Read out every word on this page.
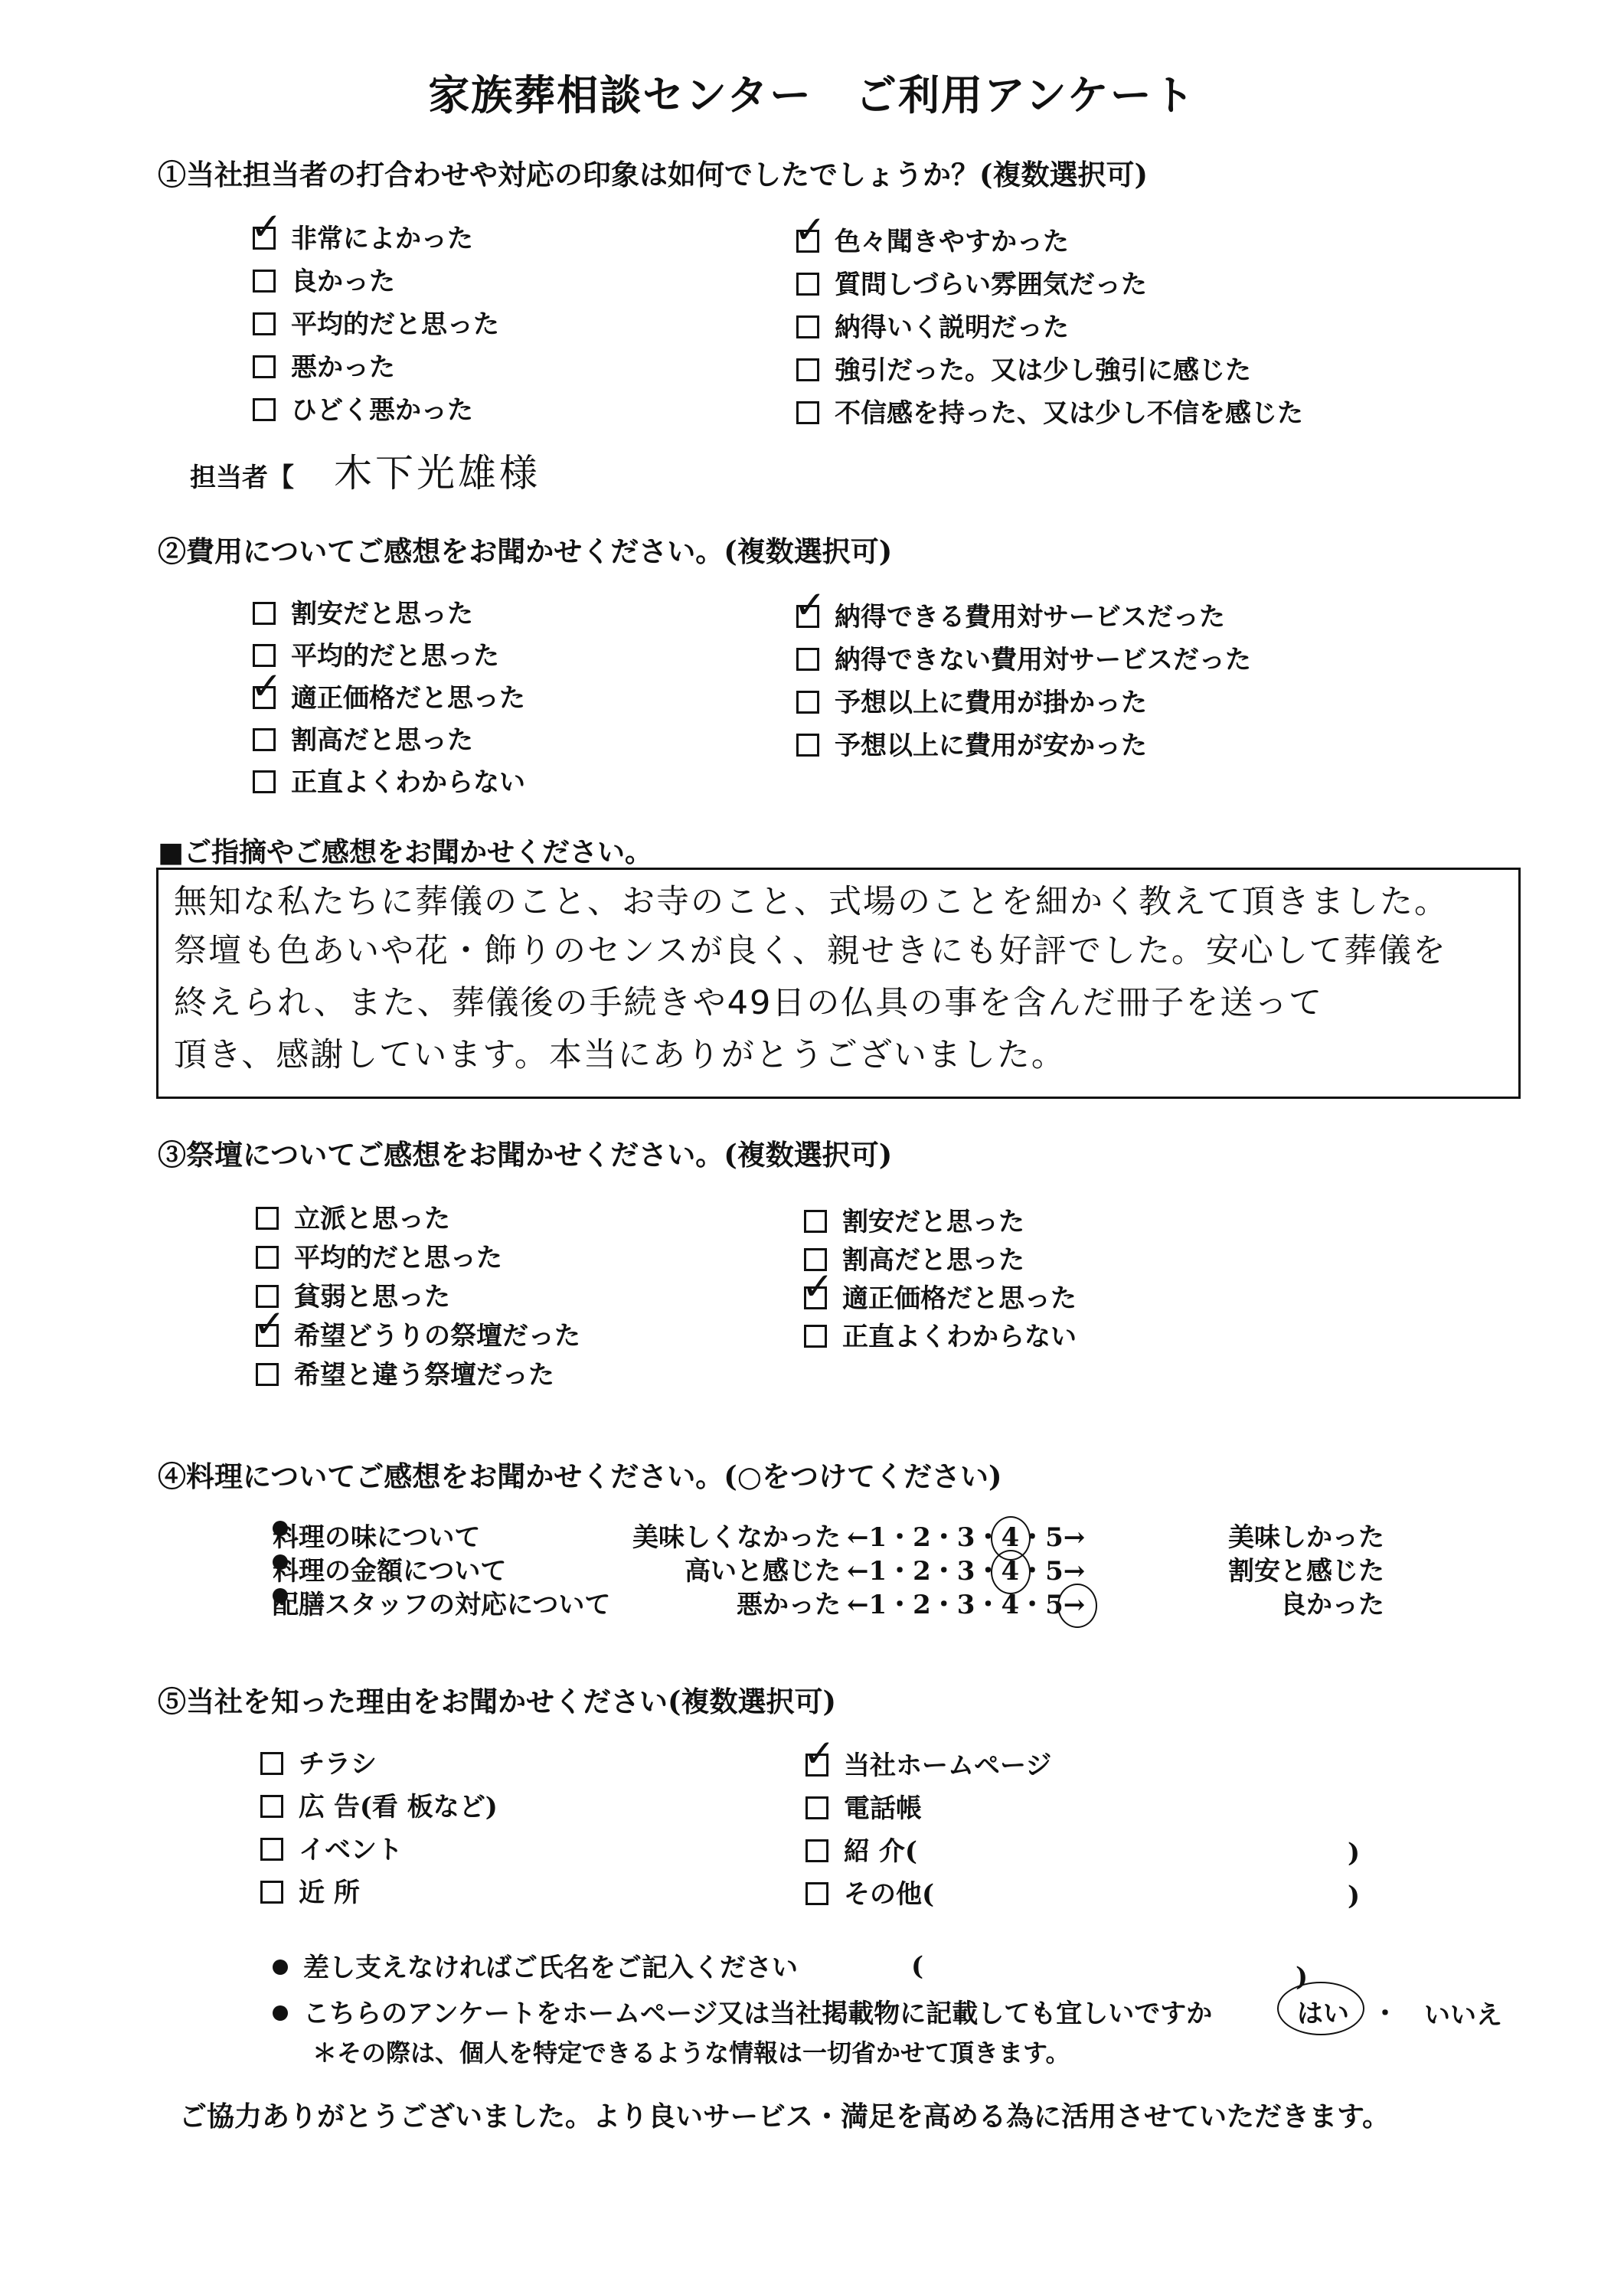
家族葬相談センター　ご利用アンケート
①当社担当者の打合わせや対応の印象は如何でしたでしょうか？(複数選択可)
✓ 非常によかった
良かった
平均的だと思った
悪かった
ひどく悪かった
✓ 色々聞きやすかった
質問しづらい雰囲気だった
納得いく説明だった
強引だった。又は少し強引に感じた
不信感を持った、又は少し不信を感じた
担当者【 木下光雄様
②費用についてご感想をお聞かせください。(複数選択可)
割安だと思った
平均的だと思った
✓ 適正価格だと思った
割高だと思った
正直よくわからない
✓ 納得できる費用対サービスだった
納得できない費用対サービスだった
予想以上に費用が掛かった
予想以上に費用が安かった
■ご指摘やご感想をお聞かせください。
無知な私たちに葬儀のこと、お寺のこと、式場のことを細かく教えて頂きました。
祭壇も色あいや花・飾りのセンスが良く、親せきにも好評でした。安心して葬儀を
終えられ、また、葬儀後の手続きや49日の仏具の事を含んだ冊子を送って
頂き、感謝しています。本当にありがとうございました。
③祭壇についてご感想をお聞かせください。(複数選択可)
立派と思った
平均的だと思った
貧弱と思った
✓ 希望どうりの祭壇だった
希望と違う祭壇だった
割安だと思った
割高だと思った
✓ 適正価格だと思った
正直よくわからない
④料理についてご感想をお聞かせください。(○をつけてください)
料理の味について	美味しくなかった ←1・2・3・4・5→	美味しかった
料理の金額について	高いと感じた ←1・2・3・4・5→	割安と感じた
配膳スタッフの対応について	悪かった ←1・2・3・4・5→	良かった
⑤当社を知った理由をお聞かせください(複数選択可)
チラシ
広 告(看 板など)
イベント
近 所
✓ 当社ホームページ
電話帳
紹 介(
その他(
)
)
差し支えなければご氏名をご記入ください	(	)
こちらのアンケートをホームページ又は当社掲載物に記載しても宜しいですか	はい ・ いいえ
＊その際は、個人を特定できるような情報は一切省かせて頂きます。
ご協力ありがとうございました。より良いサービス・満足を高める為に活用させていただきます。
